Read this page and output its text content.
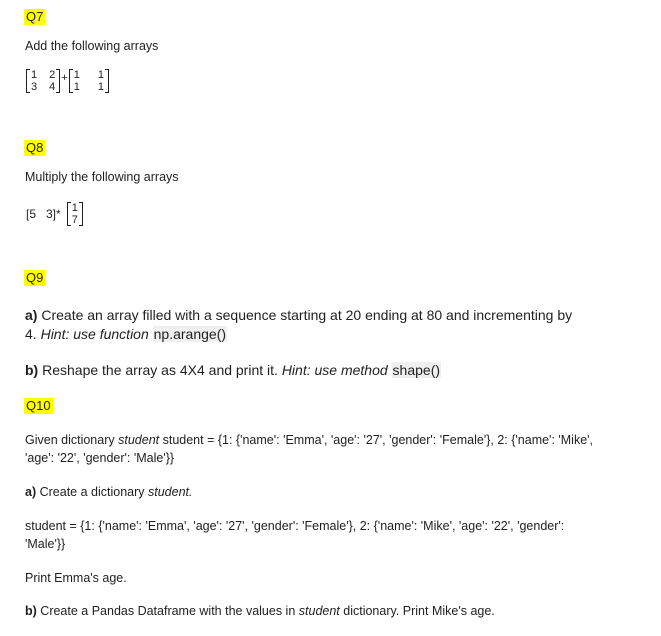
Q7
Add the following arrays
1 2
3 4
+ 1 1
1 1
Q8
Multiply the following arrays
[5   3]* 1
7
Q9
a) Create an array filled with a sequence starting at 20 ending at 80 and incrementing by
4. Hint: use function np.arange()
b) Reshape the array as 4X4 and print it. Hint: use method shape()
Q10
Given dictionary student student = {1: {'name': 'Emma', 'age': '27', 'gender': 'Female'}, 2: {'name': 'Mike',
'age': '22', 'gender': 'Male'}}
a) Create a dictionary student.
student = {1: {'name': 'Emma', 'age': '27', 'gender': 'Female'}, 2: {'name': 'Mike', 'age': '22', 'gender':
'Male'}}
Print Emma's age.
b) Create a Pandas Dataframe with the values in student dictionary. Print Mike's age.
